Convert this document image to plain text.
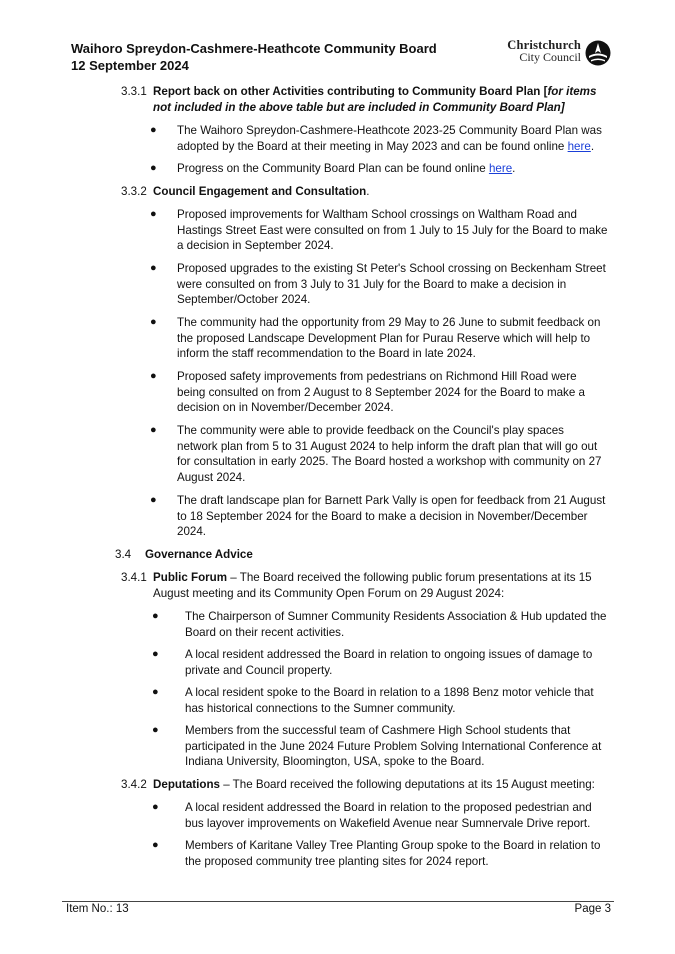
Waihoro Spreydon-Cashmere-Heathcote Community Board
12 September 2024
Christchurch
City Council
3.3.1 Report back on other Activities contributing to Community Board Plan [for items
not included in the above table but are included in Community Board Plan]
● The Waihoro Spreydon-Cashmere-Heathcote 2023-25 Community Board Plan was
adopted by the Board at their meeting in May 2023 and can be found online here.
● Progress on the Community Board Plan can be found online here.
3.3.2 Council Engagement and Consultation.
● Proposed improvements for Waltham School crossings on Waltham Road and
Hastings Street East were consulted on from 1 July to 15 July for the Board to make
a decision in September 2024.
● Proposed upgrades to the existing St Peter's School crossing on Beckenham Street
were consulted on from 3 July to 31 July for the Board to make a decision in
September/October 2024.
● The community had the opportunity from 29 May to 26 June to submit feedback on
the proposed Landscape Development Plan for Purau Reserve which will help to
inform the staff recommendation to the Board in late 2024.
● Proposed safety improvements from pedestrians on Richmond Hill Road were
being consulted on from 2 August to 8 September 2024 for the Board to make a
decision on in November/December 2024.
● The community were able to provide feedback on the Council's play spaces
network plan from 5 to 31 August 2024 to help inform the draft plan that will go out
for consultation in early 2025. The Board hosted a workshop with community on 27
August 2024.
● The draft landscape plan for Barnett Park Vally is open for feedback from 21 August
to 18 September 2024 for the Board to make a decision in November/December
2024.
3.4 Governance Advice
3.4.1 Public Forum – The Board received the following public forum presentations at its 15
August meeting and its Community Open Forum on 29 August 2024:
● The Chairperson of Sumner Community Residents Association & Hub updated the
Board on their recent activities.
● A local resident addressed the Board in relation to ongoing issues of damage to
private and Council property.
● A local resident spoke to the Board in relation to a 1898 Benz motor vehicle that
has historical connections to the Sumner community.
● Members from the successful team of Cashmere High School students that
participated in the June 2024 Future Problem Solving International Conference at
Indiana University, Bloomington, USA, spoke to the Board.
3.4.2 Deputations – The Board received the following deputations at its 15 August meeting:
● A local resident addressed the Board in relation to the proposed pedestrian and
bus layover improvements on Wakefield Avenue near Sumnervale Drive report.
● Members of Karitane Valley Tree Planting Group spoke to the Board in relation to
the proposed community tree planting sites for 2024 report.
Item No.: 13	Page 3
